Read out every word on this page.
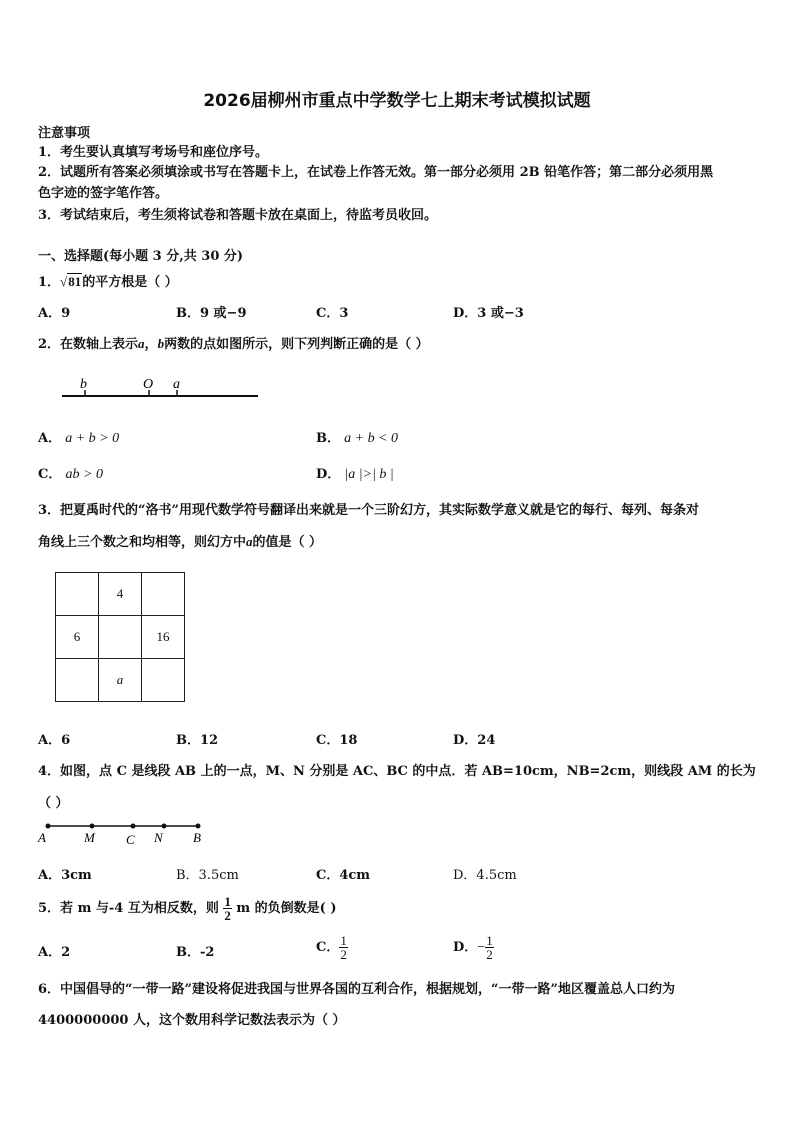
2026届柳州市重点中学数学七上期末考试模拟试题
注意事项
1．考生要认真填写考场号和座位序号。
2．试题所有答案必须填涂或书写在答题卡上，在试卷上作答无效。第一部分必须用 2B 铅笔作答；第二部分必须用黑
色字迹的签字笔作答。
3．考试结束后，考生须将试卷和答题卡放在桌面上，待监考员收回。
一、选择题(每小题 3 分,共 30 分)
1．√81的平方根是（ ）
A．9	B．9 或−9	C．3	D．3 或−3
2．在数轴上表示a，b两数的点如图所示，则下列判断正确的是（ ）
b	O a
A． a + b > 0	B． a + b < 0
C． ab > 0	D． |a |>| b |
3．把夏禹时代的“洛书”用现代数学符号翻译出来就是一个三阶幻方，其实际数学意义就是它的每行、每列、每条对
角线上三个数之和均相等，则幻方中a的值是（ ）
	4	
6		16
	a	
A．6	B．12	C．18	D．24
4．如图，点 C 是线段 AB 上的一点，M、N 分别是 AC、BC 的中点．若 AB=10cm，NB=2cm，则线段 AM 的长为
（ ）
A	M C N B
A．3cm	B．3.5cm	C．4cm	D．4.5cm
5．若 m 与-4 互为相反数，则 $\frac{1}{2}$ m 的负倒数是( )
A．2	B．-2	C． $\frac{1}{2}$	D．− $\frac{1}{2}$
6．中国倡导的“一带一路”建设将促进我国与世界各国的互利合作，根据规划，“一带一路”地区覆盖总人口约为
4400000000 人，这个数用科学记数法表示为（ ）
